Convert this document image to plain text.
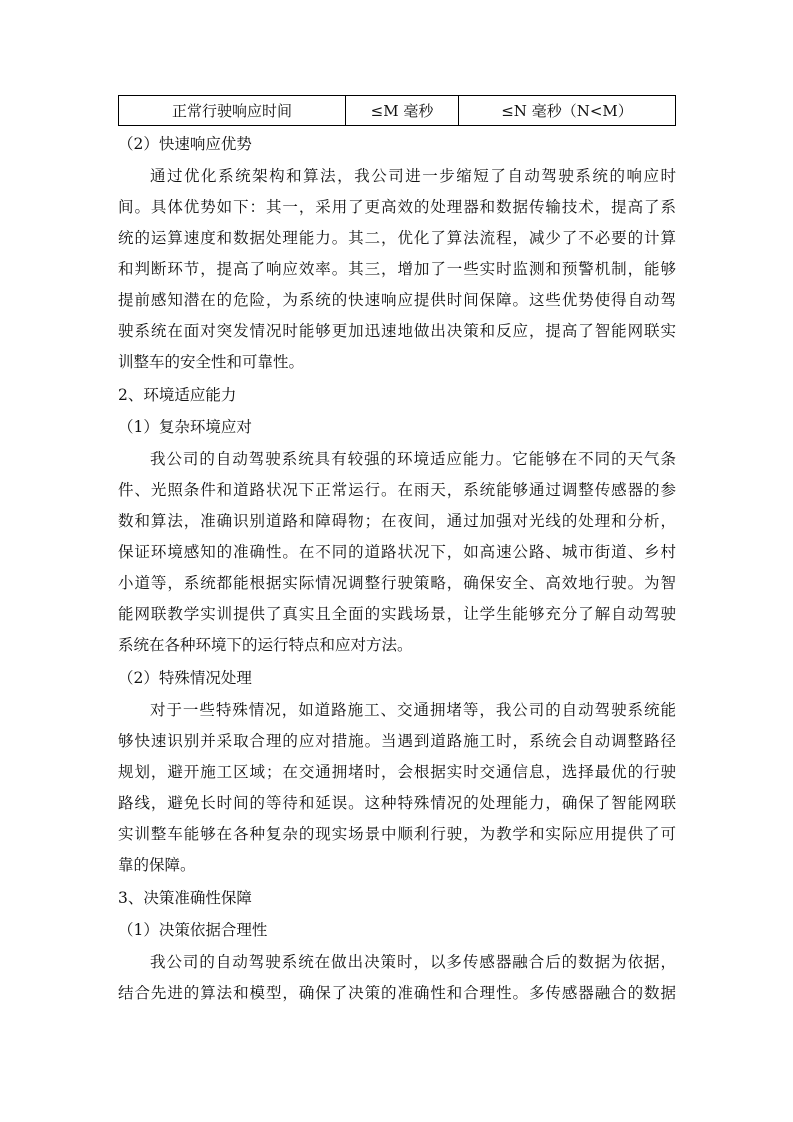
正常行驶响应时间	≤M 毫秒	≤N 毫秒（N<M）
（2）快速响应优势
通过优化系统架构和算法，我公司进一步缩短了自动驾驶系统的响应时
间。具体优势如下：其一，采用了更高效的处理器和数据传输技术，提高了系
统的运算速度和数据处理能力。其二，优化了算法流程，减少了不必要的计算
和判断环节，提高了响应效率。其三，增加了一些实时监测和预警机制，能够
提前感知潜在的危险，为系统的快速响应提供时间保障。这些优势使得自动驾
驶系统在面对突发情况时能够更加迅速地做出决策和反应，提高了智能网联实
训整车的安全性和可靠性。
2、环境适应能力
（1）复杂环境应对
我公司的自动驾驶系统具有较强的环境适应能力。它能够在不同的天气条
件、光照条件和道路状况下正常运行。在雨天，系统能够通过调整传感器的参
数和算法，准确识别道路和障碍物；在夜间，通过加强对光线的处理和分析，
保证环境感知的准确性。在不同的道路状况下，如高速公路、城市街道、乡村
小道等，系统都能根据实际情况调整行驶策略，确保安全、高效地行驶。为智
能网联教学实训提供了真实且全面的实践场景，让学生能够充分了解自动驾驶
系统在各种环境下的运行特点和应对方法。
（2）特殊情况处理
对于一些特殊情况，如道路施工、交通拥堵等，我公司的自动驾驶系统能
够快速识别并采取合理的应对措施。当遇到道路施工时，系统会自动调整路径
规划，避开施工区域；在交通拥堵时，会根据实时交通信息，选择最优的行驶
路线，避免长时间的等待和延误。这种特殊情况的处理能力，确保了智能网联
实训整车能够在各种复杂的现实场景中顺利行驶，为教学和实际应用提供了可
靠的保障。
3、决策准确性保障
（1）决策依据合理性
我公司的自动驾驶系统在做出决策时，以多传感器融合后的数据为依据，
结合先进的算法和模型，确保了决策的准确性和合理性。多传感器融合的数据
